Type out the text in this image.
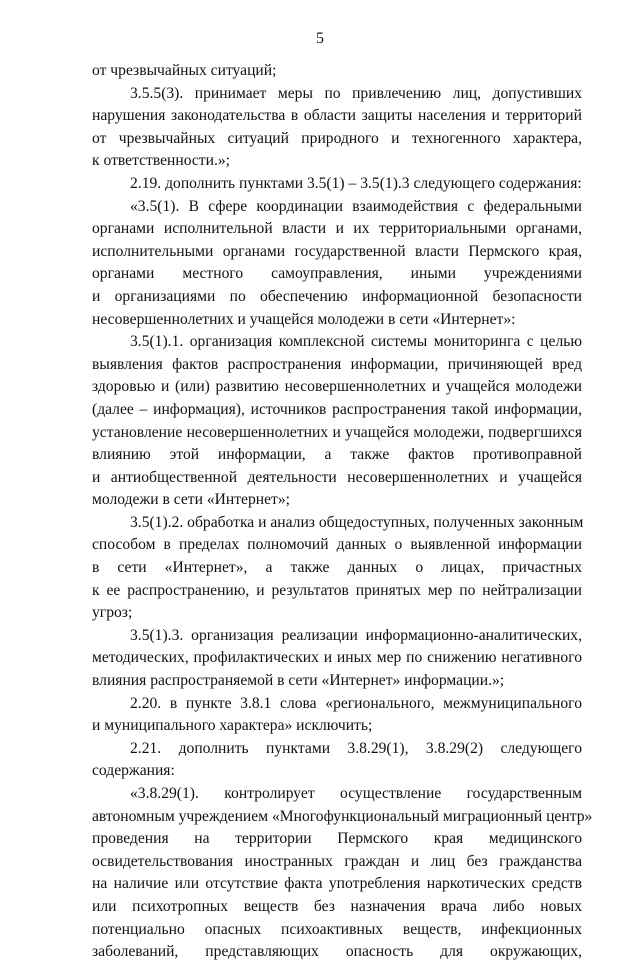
5
от чрезвычайных ситуаций;
3.5.5(3). принимает меры по привлечению лиц, допустивших
нарушения законодательства в области защиты населения и территорий
от чрезвычайных ситуаций природного и техногенного характера,
к ответственности.»;
2.19. дополнить пунктами 3.5(1) – 3.5(1).3 следующего содержания:
«3.5(1). В сфере координации взаимодействия с федеральными
органами исполнительной власти и их территориальными органами,
исполнительными органами государственной власти Пермского края,
органами местного самоуправления, иными учреждениями
и организациями по обеспечению информационной безопасности
несовершеннолетних и учащейся молодежи в сети «Интернет»:
3.5(1).1. организация комплексной системы мониторинга с целью
выявления фактов распространения информации, причиняющей вред
здоровью и (или) развитию несовершеннолетних и учащейся молодежи
(далее – информация), источников распространения такой информации,
установление несовершеннолетних и учащейся молодежи, подвергшихся
влиянию этой информации, а также фактов противоправной
и антиобщественной деятельности несовершеннолетних и учащейся
молодежи в сети «Интернет»;
3.5(1).2. обработка и анализ общедоступных, полученных законным
способом в пределах полномочий данных о выявленной информации
в сети «Интернет», а также данных о лицах, причастных
к ее распространению, и результатов принятых мер по нейтрализации
угроз;
3.5(1).3. организация реализации информационно-аналитических,
методических, профилактических и иных мер по снижению негативного
влияния распространяемой в сети «Интернет» информации.»;
2.20. в пункте 3.8.1 слова «регионального, межмуниципального
и муниципального характера» исключить;
2.21. дополнить пунктами 3.8.29(1), 3.8.29(2) следующего
содержания:
«3.8.29(1). контролирует осуществление государственным
автономным учреждением «Многофункциональный миграционный центр»
проведения на территории Пермского края медицинского
освидетельствования иностранных граждан и лиц без гражданства
на наличие или отсутствие факта употребления наркотических средств
или психотропных веществ без назначения врача либо новых
потенциально опасных психоактивных веществ, инфекционных
заболеваний, представляющих опасность для окружающих,
